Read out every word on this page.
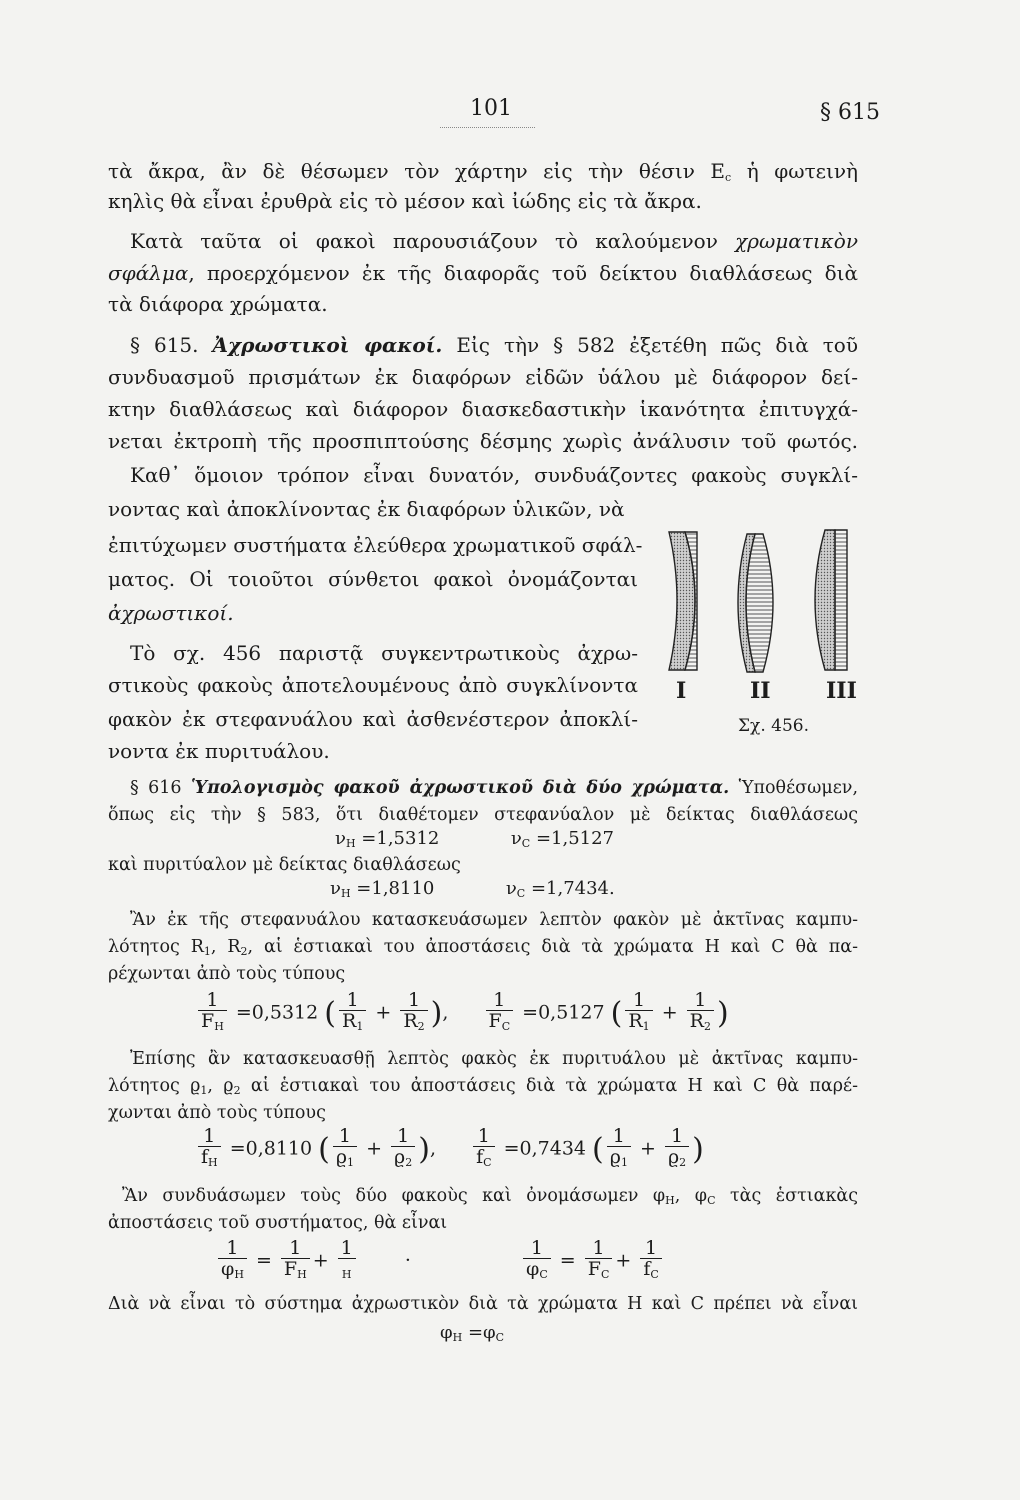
101	§ 615
τὰ ἄκρα, ἂν δὲ θέσωμεν τὸν χάρτην εἰς τὴν θέσιν $E_c$ ἡ φωτεινὴ
κηλὶς θὰ εἶναι ἐρυθρὰ εἰς τὸ μέσον καὶ ἰώδης εἰς τὰ ἄκρα.
Κατὰ ταῦτα οἱ φακοὶ παρουσιάζουν τὸ καλούμενον χρωματικὸν
σφάλμα, προερχόμενον ἐκ τῆς διαφορᾶς τοῦ δείκτου διαθλάσεως διὰ
τὰ διάφορα χρώματα.
§ 615. Ἀχρωστικοὶ φακοί. Εἰς τὴν § 582 ἐξετέθη πῶς διὰ τοῦ
συνδυασμοῦ πρισμάτων ἐκ διαφόρων εἰδῶν ὑάλου μὲ διάφορον δεί-
κτην διαθλάσεως καὶ διάφορον διασκεδαστικὴν ἱκανότητα ἐπιτυγχά-
νεται ἐκτροπὴ τῆς προσπιπτούσης δέσμης χωρὶς ἀνάλυσιν τοῦ φωτός.
Καθ᾿ ὅμοιον τρόπον εἶναι δυνατόν, συνδυάζοντες φακοὺς συγκλί-
νοντας καὶ ἀποκλίνοντας ἐκ διαφόρων ὑλικῶν, νὰ
ἐπιτύχωμεν συστήματα ἐλεύθερα χρωματικοῦ σφάλ-
ματος. Οἱ τοιοῦτοι σύνθετοι φακοὶ ὀνομάζονται
ἀχρωστικοί.
Τὸ σχ. 456 παριστᾷ συγκεντρωτικοὺς ἀχρω-
στικοὺς φακοὺς ἀποτελουμένους ἀπὸ συγκλίνοντα
φακὸν ἐκ στεφανυάλου καὶ ἀσθενέστερον ἀποκλί-
νοντα ἐκ πυριτυάλου.
I	II	III
Σχ. 456.
§ 616 Ὑπολογισμὸς φακοῦ ἀχρωστικοῦ διὰ δύο χρώματα. Ὑποθέσωμεν,
ὅπως εἰς τὴν § 583, ὅτι διαθέτομεν στεφανύαλον μὲ δείκτας διαθλάσεως
$\nu_H =1,5312$	$\nu_C =1,5127$
καὶ πυριτύαλον μὲ δείκτας διαθλάσεως
$\nu_H =1,8110$	$\nu_C =1,7434$.
Ἂν ἐκ τῆς στεφανυάλου κατασκευάσωμεν λεπτὸν φακὸν μὲ ἀκτῖνας καμπυ-
λότητος $R_1$, $R_2$, αἱ ἑστιακαὶ του ἀποστάσεις διὰ τὰ χρώματα H καὶ C θὰ πα-
ρέχωνται ἀπὸ τοὺς τύπους
$\frac{1}{F_H} =0,5312$ ( $\frac{1}{R_1} + \frac{1}{R_2}$ ), $\frac{1}{F_C} =0,5127$ ( $\frac{1}{R_1} + \frac{1}{R_2}$ )
Ἐπίσης ἂν κατασκευασθῇ λεπτὸς φακὸς ἐκ πυριτυάλου μὲ ἀκτῖνας καμπυ-
λότητος $ϱ_1$, $ϱ_2$ αἱ ἑστιακαὶ του ἀποστάσεις διὰ τὰ χρώματα H καὶ C θὰ παρέ-
χωνται ἀπὸ τοὺς τύπους
$\frac{1}{f_H} =0,8110$ ( $\frac{1}{ϱ_1} + \frac{1}{ϱ_2}$ ), $\frac{1}{f_C} =0,7434$ ( $\frac{1}{ϱ_1} + \frac{1}{ϱ_2}$ )
Ἂν συνδυάσωμεν τοὺς δύο φακοὺς καὶ ὀνομάσωμεν $\varphi_H$, $\varphi_C$ τὰς ἑστιακὰς
ἀποστάσεις τοῦ συστήματος, θὰ εἶναι
$\frac{1}{\varphi_H} = \frac{1}{F_H} + \frac{1}{_H}$	·	$\frac{1}{\varphi_C} = \frac{1}{F_C} + \frac{1}{f_C}$
Διὰ νὰ εἶναι τὸ σύστημα ἀχρωστικὸν διὰ τὰ χρώματα H καὶ C πρέπει νὰ εἶναι
$\varphi_H =\varphi_C$
